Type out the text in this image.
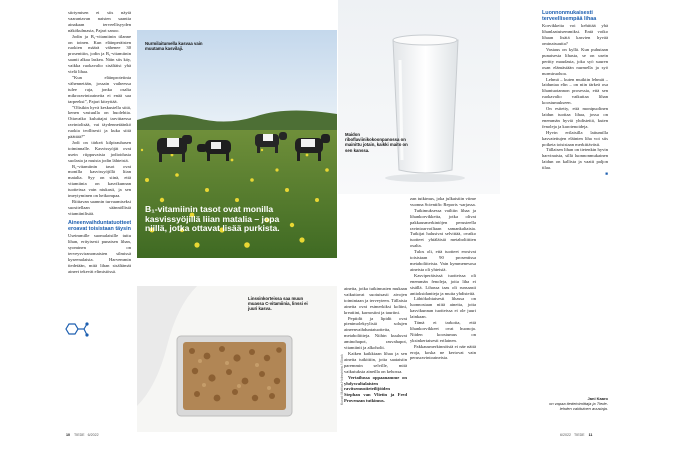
siirtymisen ei siis näytä vaarantavan naisten saantia ainakaan terveellisyyden näkökulmasta, Pajari sanoo.

Jodin ja B₁-vitamiinin tilanne on toinen. Kun eläinperäisten ruokien määrä vähenee 30 prosenttiin, jodin ja B₁-vitamiinin saanti alkaa laskea. Näin siis käy, vaikka ruokavalio sisältäisi yhä vielä lihaa.

”Kun eläinproteiinia vähennetään, jossain vaiheessa tulee raja, jonka osalta mikroravintoaineita ei enää saa tarpeeksi”, Pajari kiteyttää.

”Olisikin hyvä keskustella siitä, kenen vastuulla on huolehtia. Ottavatko kuluttajat tarvittaessa ravintolisää, vai täydennetäänkö ruokia teollisesti ja kuka siitä päättää?”

Jodi on tärkeä kilpirauhasen toiminnalle. Kasvissyöjät ovat usein riippuvaisia jodioidusta suolasta ja muista jodin lähteistä.

B₁-vitamiinin tasot ovat monilla kasvissyöjillä liian matalia. Syy on siinä, että vitamiinia on kasvikunnan tuotteissa vain niukasti, ja sen imeytyminen on heikompaa.

Riittavan saannin turvaamiseksi suositellaan säännöllistä vitamiinilisää.

Aineenvaihduntatuotteet eroavat toisistaan täysin

Useimmille suomalaisille tuttu lihan, erityisesti punaisen lihan, syominen on terveysviranomaisten silmissä kyseenalaista. Harvemmin tiedetään, mitä lihan sisältämät aineet tekevät elimistössä.

Nurmilaitumella kasvaa vain muutama kasvilaji.
B₁-vitamiinin tasot ovat monilla kasvissyöjillä liian matalia – jopa niillä, jotka ottavat lisää purkista.
Linssinkorteissa saa muun muassa C-vitamiinia, linssi ei juuri kasva.
Kuvat: Mattias Holmström / iStock

aineita, jotka tutkimusten mukaan vaikuttavat suotuisasti aivojen toimintaan ja terveyteen. Tällaisia aineita ovat esimerkiksi koliini, kreatiini, karnosiini ja tauriini.

Peptidit ja lipidit ovat pienimolekyylisiä solujen aineenvaihduntatuotteita, metaboliitteja. Niihin kuuluvat aminohapot, rasvahapot, vitamiinit ja alkoholit.

Kaiken kaikkiaan lihaa ja sen aineita tutkittiin, jotta saataisiin paremmin selville, mitä vaikutuksia aineilla on kehossa.

Vertailussa oppaanamme on yhdysvaltalaisten ravitsemustieteilijöiden Stephan van Vlietin ja Fred Provenzan tutkimus.

Maidon riboflaviinikokoonpanossa on mainittu jotain, kaikki maito on sen kanssa.

zan tutkimus, joka julkaistiin viime vuonna Scientific Reports -sarjassa.

Tutkimuksessa vailtiin lihaa ja lihankorvikkeita, jotka olivat pakkausmerkintöjen perusteella ravintoarvoiltaan samankaltaisia. Tutkijat halusivat selvittää, ovatko tuotteet yhtäläisiä metaboliittien osalta.

Tulos oli, että tuotteet erosivat toisistaan 90 prosentissa metaboliiteista. Vain kymmenesosa aineista oli yhteisiä.

Kasviperäisissä tuotteissa oli enemmän fenoleja, joita liha ei sisällä. Lihassa taas oli runsaasti antioksidantteja ja muita yhdisteitä.

Lähtökohtaisesti lihassa on luonnostaan niitä aineita, joita kasvikunnan tuotteissa ei ole juuri lainkaan.

Tämä ei tarkoita, että lihankorvikkeet ovat huonoja. Niiden koostumus on yksinkertaisesti erilainen.

Pakkausmerkinnöistä ei näe näitä eroja, koska ne kertovat vain perusravintoaineista.

Luonnonmukaisesti terveellisempää lihaa

Korvikkeita voi kehittää yhä lihanlaatuisemmiksi. Entä voiko lihaan lisätä kasvien hyvää ominaisuutta?

Vastaus on kyllä. Kun puhutaan punaisesta lihasta, se on usein peritty maudasta, joka syö suuren osan elämästään nurmella ja syö nurmiruohoa.

Lehmä – kuten muiktin lehmät – laiduntaa elin – on niin tärkeä osa lihantuotannon prosessia, että sen ruokavalio vaikuttaa lihan koostumukseen.

On esitetty, että monipuolinen laidun tuottaa lihaa, jossa on enemmän hyviä yhdisteitä, kuten fenoleja ja karotenoideja.

Hyvin erilaisilla laitumilla kasvatettujen eläinten liha voi siis poiketa toisistaan merkittävästi.

Tällaisen lihan on tietenkin hyvin harvinaista, sillä luonnonmukainen laidun on kallista ja vaatii paljon tilaa.

■

Jani Kaaro
on vapaa tiedetoimittaja ja Tiede-lehden vakituinen avustaja.
10 TIEDE 6/2022	6/2022 TIEDE 11
